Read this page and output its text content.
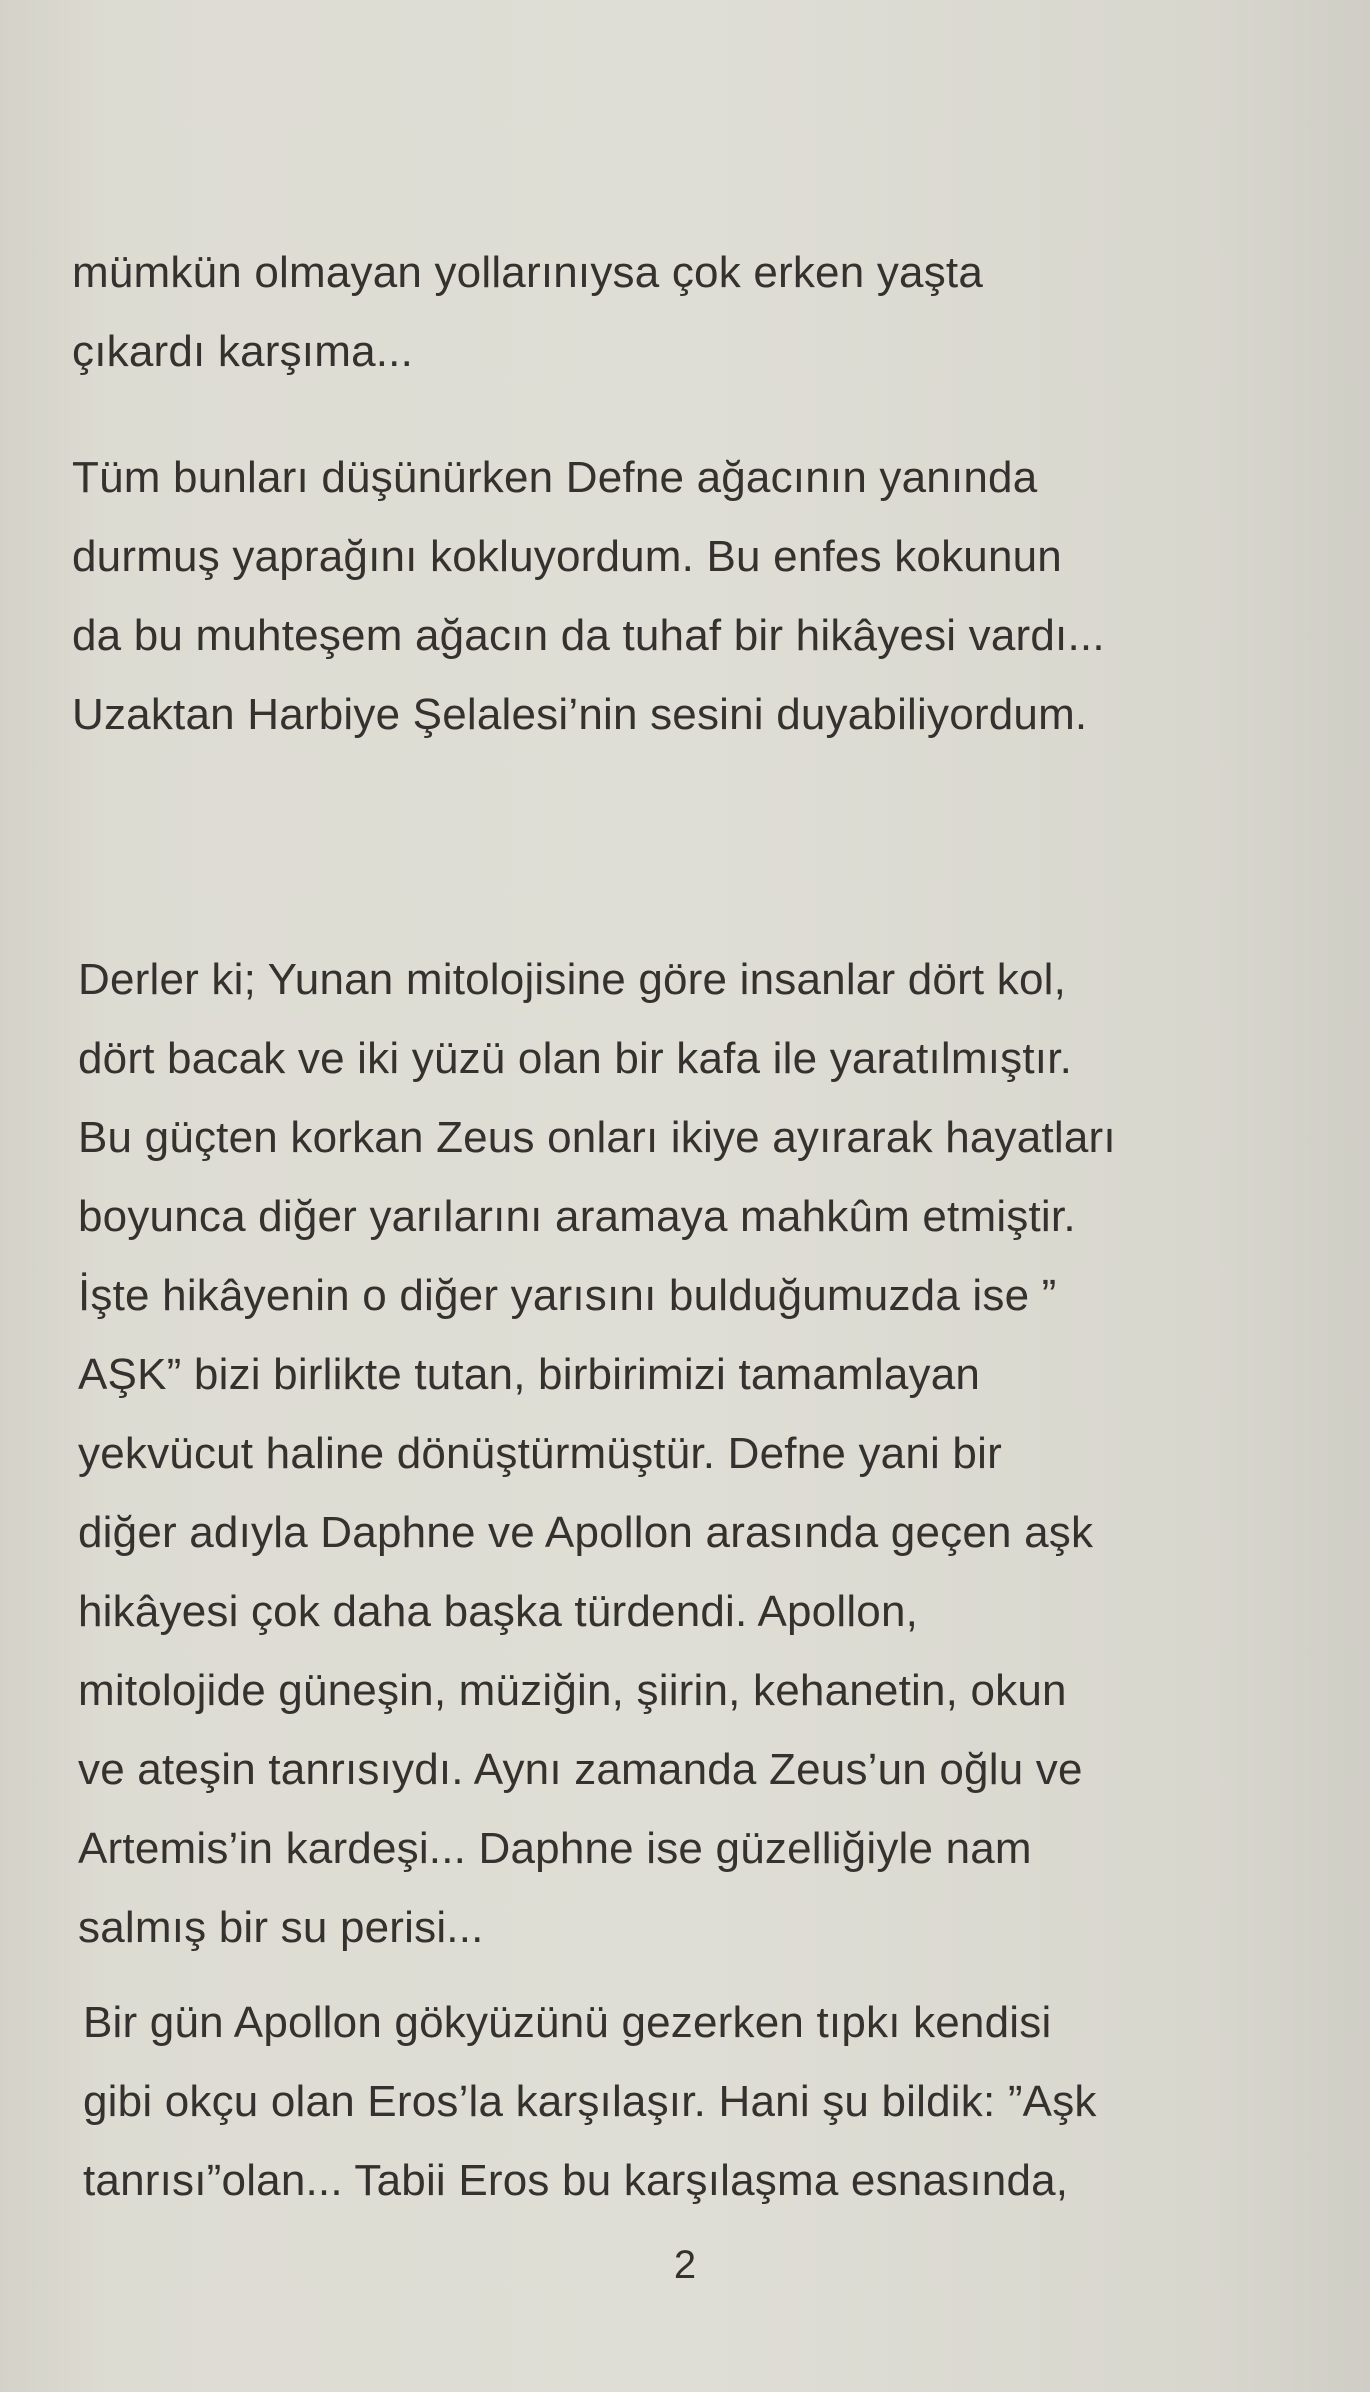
mümkün olmayan yollarınıysa çok erken yaşta
çıkardı karşıma...
Tüm bunları düşünürken Defne ağacının yanında
durmuş yaprağını kokluyordum. Bu enfes kokunun
da bu muhteşem ağacın da tuhaf bir hikâyesi vardı...
Uzaktan Harbiye Şelalesi’nin sesini duyabiliyordum.
Derler ki; Yunan mitolojisine göre insanlar dört kol,
dört bacak ve iki yüzü olan bir kafa ile yaratılmıştır.
Bu güçten korkan Zeus onları ikiye ayırarak hayatları
boyunca diğer yarılarını aramaya mahkûm etmiştir.
İşte hikâyenin o diğer yarısını bulduğumuzda ise ”
AŞK” bizi birlikte tutan, birbirimizi tamamlayan
yekvücut haline dönüştürmüştür. Defne yani bir
diğer adıyla Daphne ve Apollon arasında geçen aşk
hikâyesi çok daha başka türdendi. Apollon,
mitolojide güneşin, müziğin, şiirin, kehanetin, okun
ve ateşin tanrısıydı. Aynı zamanda Zeus’un oğlu ve
Artemis’in kardeşi... Daphne ise güzelliğiyle nam
salmış bir su perisi...
Bir gün Apollon gökyüzünü gezerken tıpkı kendisi
gibi okçu olan Eros’la karşılaşır. Hani şu bildik: ”Aşk
tanrısı”olan... Tabii Eros bu karşılaşma esnasında,
2
